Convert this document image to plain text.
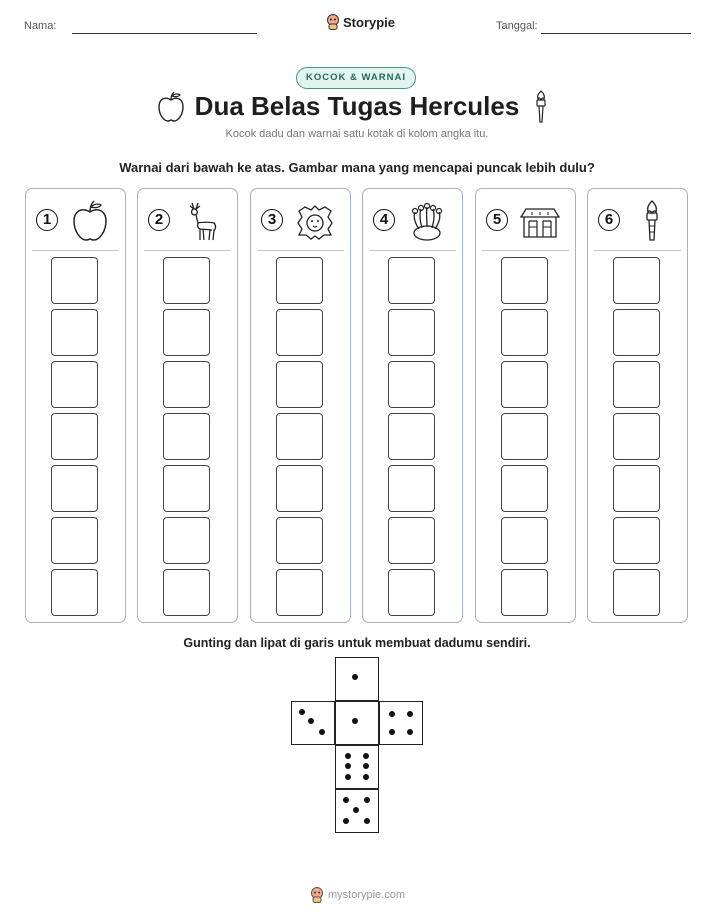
Nama:	Storypie	Tanggal:
KOCOK & WARNAI
Dua Belas Tugas Hercules
Kocok dadu dan warnai satu kotak di kolom angka itu.
Warnai dari bawah ke atas. Gambar mana yang mencapai puncak lebih dulu?
1	2	3	4	5	6
Gunting dan lipat di garis untuk membuat dadumu sendiri.
mystorypie.com
